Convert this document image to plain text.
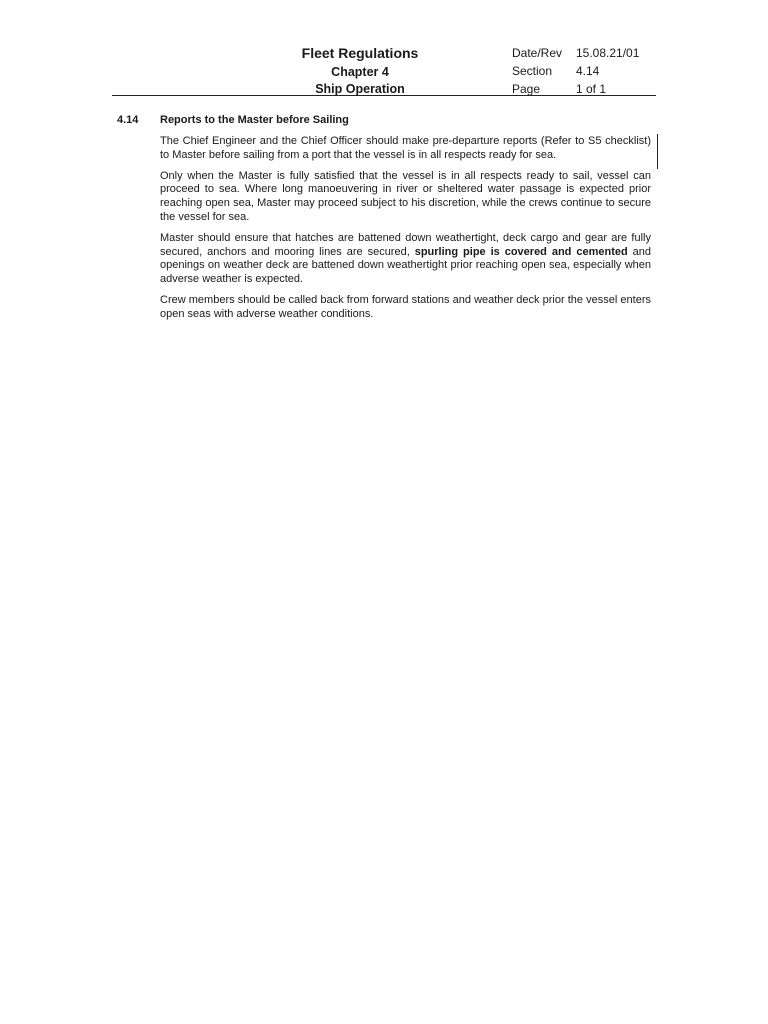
Fleet Regulations
Chapter 4
Ship Operation
Date/Rev	15.08.21/01
Section	4.14
Page	1 of 1
4.14 Reports to the Master before Sailing

The Chief Engineer and the Chief Officer should make pre-departure reports (Refer to S5 checklist) to Master before sailing from a port that the vessel is in all respects ready for sea.

Only when the Master is fully satisfied that the vessel is in all respects ready to sail, vessel can proceed to sea. Where long manoeuvering in river or sheltered water passage is expected prior reaching open sea, Master may proceed subject to his discretion, while the crews continue to secure the vessel for sea.

Master should ensure that hatches are battened down weathertight, deck cargo and gear are fully secured, anchors and mooring lines are secured, spurling pipe is covered and cemented and openings on weather deck are battened down weathertight prior reaching open sea, especially when adverse weather is expected.

Crew members should be called back from forward stations and weather deck prior the vessel enters open seas with adverse weather conditions.
